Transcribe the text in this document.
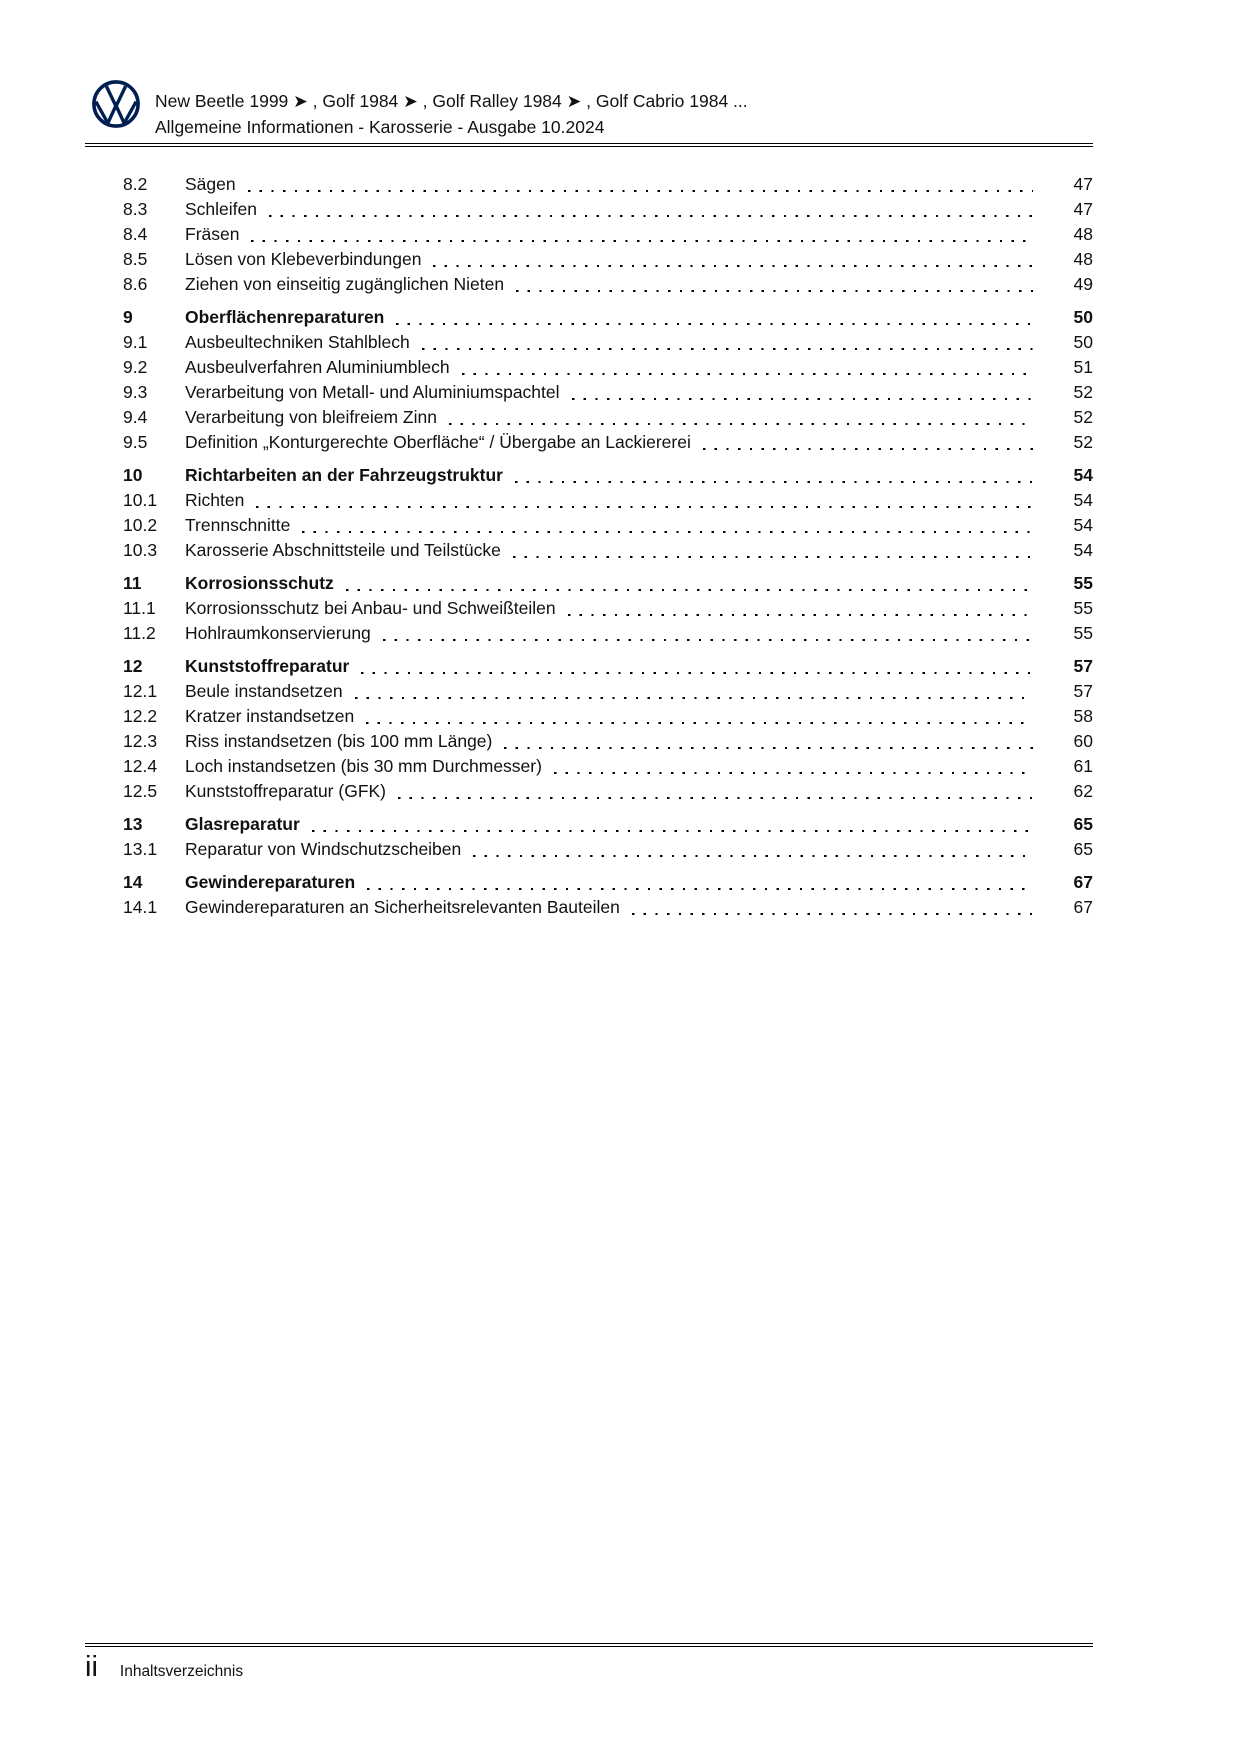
New Beetle 1999 ➤ , Golf 1984 ➤ , Golf Ralley 1984 ➤ , Golf Cabrio 1984 ...
Allgemeine Informationen - Karosserie - Ausgabe 10.2024
8.2	Sägen	47
8.3	Schleifen	47
8.4	Fräsen	48
8.5	Lösen von Klebeverbindungen	48
8.6	Ziehen von einseitig zugänglichen Nieten	49
9	Oberflächenreparaturen	50
9.1	Ausbeultechniken Stahlblech	50
9.2	Ausbeulverfahren Aluminiumblech	51
9.3	Verarbeitung von Metall- und Aluminiumspachtel	52
9.4	Verarbeitung von bleifreiem Zinn	52
9.5	Definition „Konturgerechte Oberfläche“ / Übergabe an Lackiererei	52
10	Richtarbeiten an der Fahrzeugstruktur	54
10.1	Richten	54
10.2	Trennschnitte	54
10.3	Karosserie Abschnittsteile und Teilstücke	54
11	Korrosionsschutz	55
11.1	Korrosionsschutz bei Anbau- und Schweißteilen	55
11.2	Hohlraumkonservierung	55
12	Kunststoffreparatur	57
12.1	Beule instandsetzen	57
12.2	Kratzer instandsetzen	58
12.3	Riss instandsetzen (bis 100 mm Länge)	60
12.4	Loch instandsetzen (bis 30 mm Durchmesser)	61
12.5	Kunststoffreparatur (GFK)	62
13	Glasreparatur	65
13.1	Reparatur von Windschutzscheiben	65
14	Gewindereparaturen	67
14.1	Gewindereparaturen an Sicherheitsrelevanten Bauteilen	67
ii Inhaltsverzeichnis
